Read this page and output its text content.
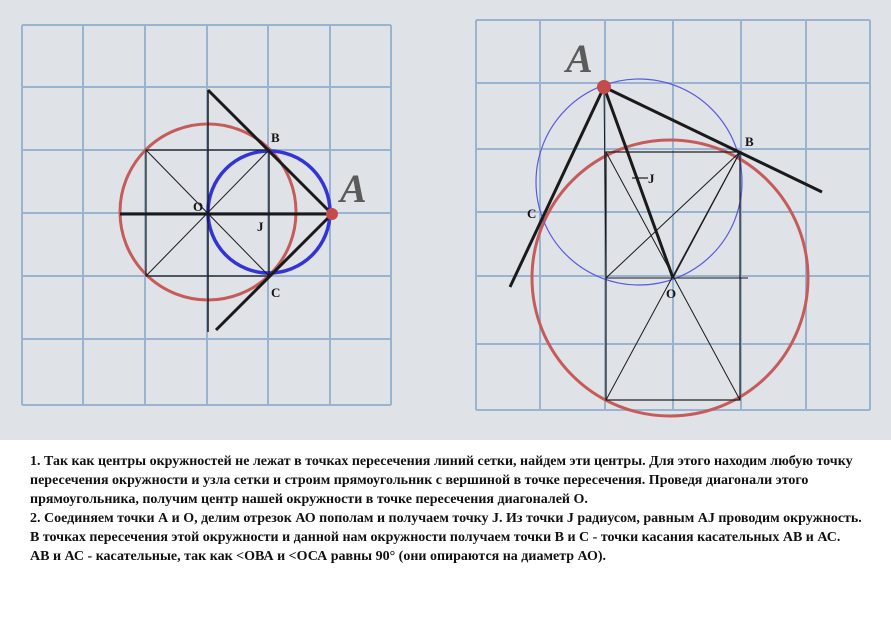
B
O
J
C
A	J
B
C
O
A

1. Так как центры окружностей не лежат в точках пересечения линий сетки, найдем эти центры. Для этого находим любую точку пересечения окружности и узла сетки и строим прямоугольник с вершиной в точке пересечения. Проведя диагонали этого прямоугольника, получим центр нашей окружности в точке пересечения диагоналей О.

2. Соединяем точки А и О, делим отрезок АО пополам и получаем точку J. Из точки J радиусом, равным АJ проводим окружность. В точках пересечения этой окружности и данной нам окружности получаем точки В и С - точки касания касательных АВ и АС.

АВ и АС - касательные, так как <ОВА и <ОСА равны 90° (они опираются на диаметр АО).
